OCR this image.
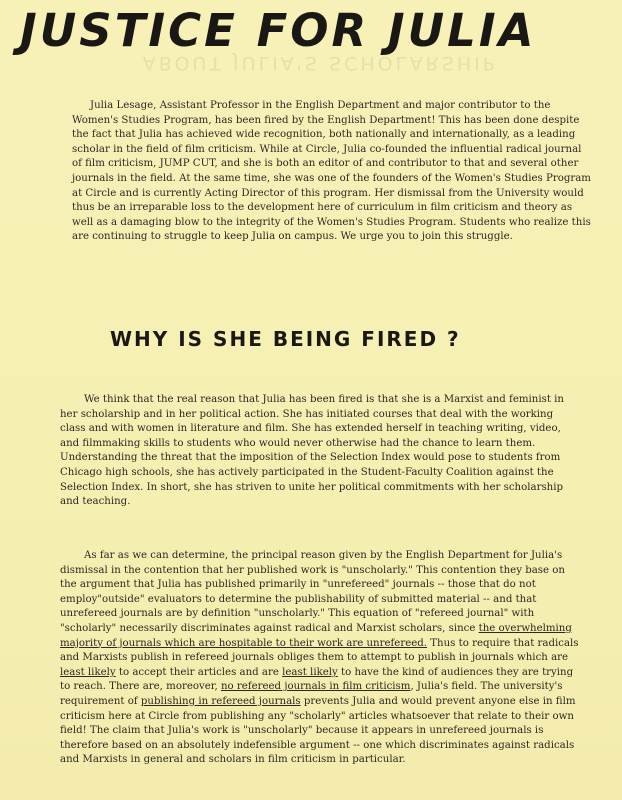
ABOUT JULIA'S SCHOLARSHIP
JUSTICE FOR JULIA

Julia Lesage, Assistant Professor in the English Department and major contributor to the Women's Studies Program, has been fired by the English Department! This has been done despite the fact that Julia has achieved wide recognition, both nationally and internationally, as a leading scholar in the field of film criticism. While at Circle, Julia co-founded the influential radical journal of film criticism, JUMP CUT, and she is both an editor of and contributor to that and several other journals in the field. At the same time, she was one of the founders of the Women's Studies Program at Circle and is currently Acting Director of this program. Her dismissal from the University would thus be an irreparable loss to the development here of curriculum in film criticism and theory as well as a damaging blow to the integrity of the Women's Studies Program. Students who realize this are continuing to struggle to keep Julia on campus. We urge you to join this struggle.

WHY IS SHE BEING FIRED ?

We think that the real reason that Julia has been fired is that she is a Marxist and feminist in her scholarship and in her political action. She has initiated courses that deal with the working class and with women in literature and film. She has extended herself in teaching writing, video, and filmmaking skills to students who would never otherwise had the chance to learn them. Understanding the threat that the imposition of the Selection Index would pose to students from Chicago high schools, she has actively participated in the Student-Faculty Coalition against the Selection Index. In short, she has striven to unite her political commitments with her scholarship and teaching.

As far as we can determine, the principal reason given by the English Department for Julia's dismissal in the contention that her published work is "unscholarly." This contention they base on the argument that Julia has published primarily in "unrefereed" journals -- those that do not employ"outside" evaluators to determine the publishability of submitted material -- and that unrefereed journals are by definition "unscholarly." This equation of "refereed journal" with "scholarly" necessarily discriminates against radical and Marxist scholars, since the overwhelming majority of journals which are hospitable to their work are unrefereed. Thus to require that radicals and Marxists publish in refereed journals obliges them to attempt to publish in journals which are least likely to accept their articles and are least likely to have the kind of audiences they are trying to reach. There are, moreover, no refereed journals in film criticism, Julia's field. The university's requirement of publishing in refereed journals prevents Julia and would prevent anyone else in film criticism here at Circle from publishing any "scholarly" articles whatsoever that relate to their own field! The claim that Julia's work is "unscholarly" because it appears in unrefereed journals is therefore based on an absolutely indefensible argument -- one which discriminates against radicals and Marxists in general and scholars in film criticism in particular.
